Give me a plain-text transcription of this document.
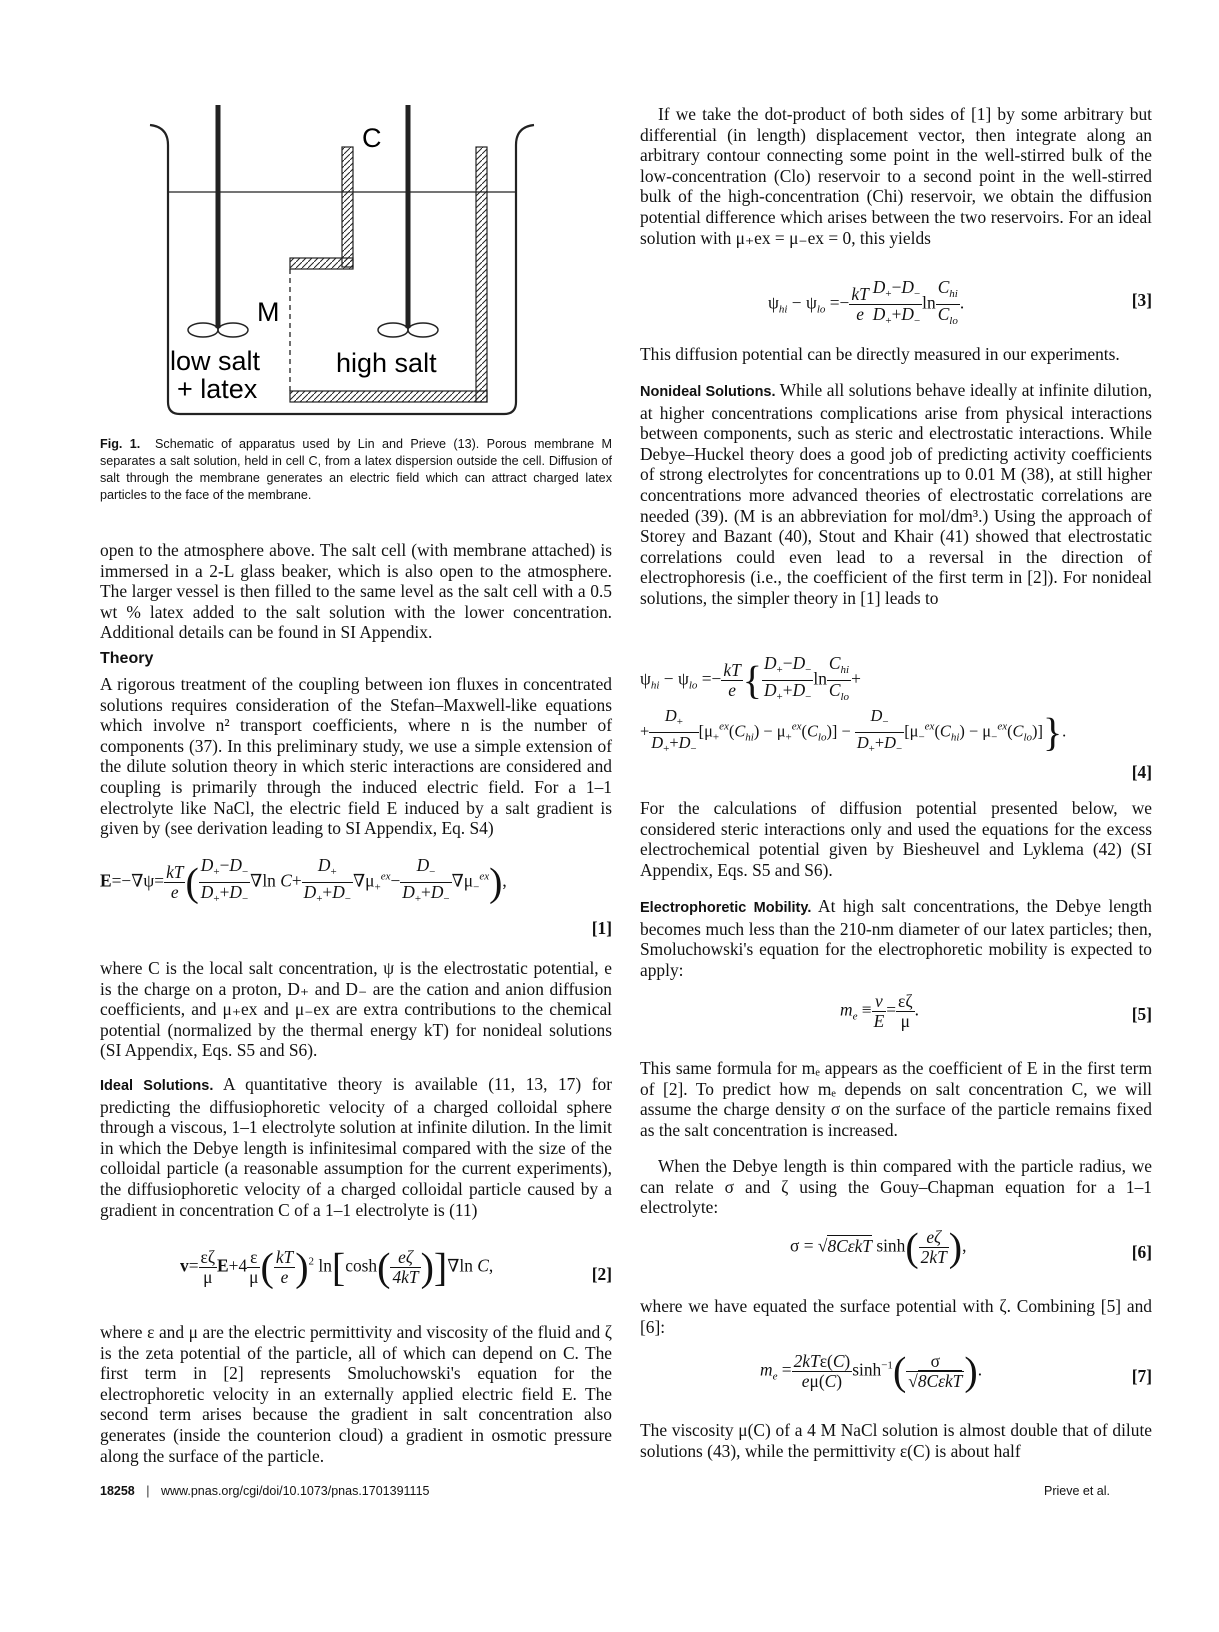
C
M
low salt
+ latex
high salt

Fig. 1. Schematic of apparatus used by Lin and Prieve (13). Porous membrane M separates a salt solution, held in cell C, from a latex dispersion outside the cell. Diffusion of salt through the membrane generates an electric field which can attract charged latex particles to the face of the membrane.

open to the atmosphere above. The salt cell (with membrane attached) is immersed in a 2-L glass beaker, which is also open to the atmosphere. The larger vessel is then filled to the same level as the salt cell with a 0.5 wt % latex added to the salt solution with the lower concentration. Additional details can be found in SI Appendix.

Theory

A rigorous treatment of the coupling between ion fluxes in concentrated solutions requires consideration of the Stefan–Maxwell-like equations which involve n² transport coefficients, where n is the number of components (37). In this preliminary study, we use a simple extension of the dilute solution theory in which steric interactions are considered and coupling is primarily through the induced electric field. For a 1–1 electrolyte like NaCl, the electric field E induced by a salt gradient is given by (see derivation leading to SI Appendix, Eq. S4)

$E=-\nabla\psi= \frac{kT}{e}$ ( $\frac{D_+-D_-}{D_++D_-} \nabla\ln$ $C+ \frac{D_+}{D_++D_-} \nabla\mu_+^{ex}- \frac{D_-}{D_++D_-} \nabla\mu_-^{ex}$),
[1]

where C is the local salt concentration, ψ is the electrostatic potential, e is the charge on a proton, D₊ and D₋ are the cation and anion diffusion coefficients, and μ₊ex and μ₋ex are extra contributions to the chemical potential (normalized by the thermal energy kT) for nonideal solutions (SI Appendix, Eqs. S5 and S6).

Ideal Solutions. A quantitative theory is available (11, 13, 17) for predicting the diffusiophoretic velocity of a charged colloidal sphere through a viscous, 1–1 electrolyte solution at infinite dilution. In the limit in which the Debye length is infinitesimal compared with the size of the colloidal particle (a reasonable assumption for the current experiments), the diffusiophoretic velocity of a charged colloidal particle caused by a gradient in concentration C of a 1–1 electrolyte is (11)

$v= \frac{\varepsilon\zeta}{\mu} E+4 \frac{\varepsilon}{\mu}$ ( $\frac{kT}{e} )^2$ $\ln[\cosh( \frac{e\zeta}{4kT} )]\nabla\ln$ C,	[2]

where ε and μ are the electric permittivity and viscosity of the fluid and ζ is the zeta potential of the particle, all of which can depend on C. The first term in [2] represents Smoluchowski's equation for the electrophoretic velocity in an externally applied electric field E. The second term arises because the gradient in salt concentration also generates (inside the counterion cloud) a gradient in osmotic pressure along the surface of the particle.

If we take the dot-product of both sides of [1] by some arbitrary but differential (in length) displacement vector, then integrate along an arbitrary contour connecting some point in the well-stirred bulk of the low-concentration (Clo) reservoir to a second point in the well-stirred bulk of the high-concentration (Chi) reservoir, we obtain the diffusion potential difference which arises between the two reservoirs. For an ideal solution with μ₊ex = μ₋ex = 0, this yields

$\psi_{hi} - \psi_{lo} =- \frac{kT}{e} \frac{D_+-D_-}{D_++D_-}$ $\ln \frac{C_{hi}}{C_{lo}}$ .	[3]

This diffusion potential can be directly measured in our experiments.

Nonideal Solutions. While all solutions behave ideally at infinite dilution, at higher concentrations complications arise from physical interactions between components, such as steric and electrostatic interactions. While Debye–Huckel theory does a good job of predicting activity coefficients of strong electrolytes for concentrations up to 0.01 M (38), at still higher concentrations more advanced theories of electrostatic correlations are needed (39). (M is an abbreviation for mol/dm³.) Using the approach of Storey and Bazant (40), Stout and Khair (41) showed that electrostatic correlations could even lead to a reversal in the direction of electrophoresis (i.e., the coefficient of the first term in [2]). For nonideal solutions, the simpler theory in [1] leads to

$\psi_{hi} - \psi_{lo} =- \frac{kT}{e}$ { $\frac{D_+-D_-}{D_++D_-}$ $\ln \frac{C_{hi}}{C_{lo}}$ +
+ $\frac{D_+}{D_++D_-} [\mu_+^{ex}(C_{hi}) - \mu_+^{ex}(C_{lo})] - \frac{D_-}{D_++D_-} [\mu_-^{ex}(C_{hi}) - \mu_-^{ex}(C_{lo})]$}.
[4]

For the calculations of diffusion potential presented below, we considered steric interactions only and used the equations for the excess electrochemical potential given by Biesheuvel and Lyklema (42) (SI Appendix, Eqs. S5 and S6).

Electrophoretic Mobility. At high salt concentrations, the Debye length becomes much less than the 210-nm diameter of our latex particles; then, Smoluchowski's equation for the electrophoretic mobility is expected to apply:

$m_e \equiv \frac{v}{E} = \frac{\varepsilon\zeta}{\mu}$ .	[5]

This same formula for mₑ appears as the coefficient of E in the first term of [2]. To predict how mₑ depends on salt concentration C, we will assume the charge density σ on the surface of the particle remains fixed as the salt concentration is increased.

When the Debye length is thin compared with the particle radius, we can relate σ and ζ using the Gouy–Chapman equation for a 1–1 electrolyte:

σ = √8CεkT $\sinh( \frac{e\zeta}{2kT}$ ),	[6]

where we have equated the surface potential with ζ. Combining [5] and [6]:

$m_e = \frac{\text{2kTε(C)}}{e\mu(C)} \sinh^{-1}( \frac{\sigma}{\text{√8CεkT}}$ ).	[7]

The viscosity μ(C) of a 4 M NaCl solution is almost double that of dilute solutions (43), while the permittivity ε(C) is about half

18258 | www.pnas.org/cgi/doi/10.1073/pnas.1701391115	Prieve et al.
